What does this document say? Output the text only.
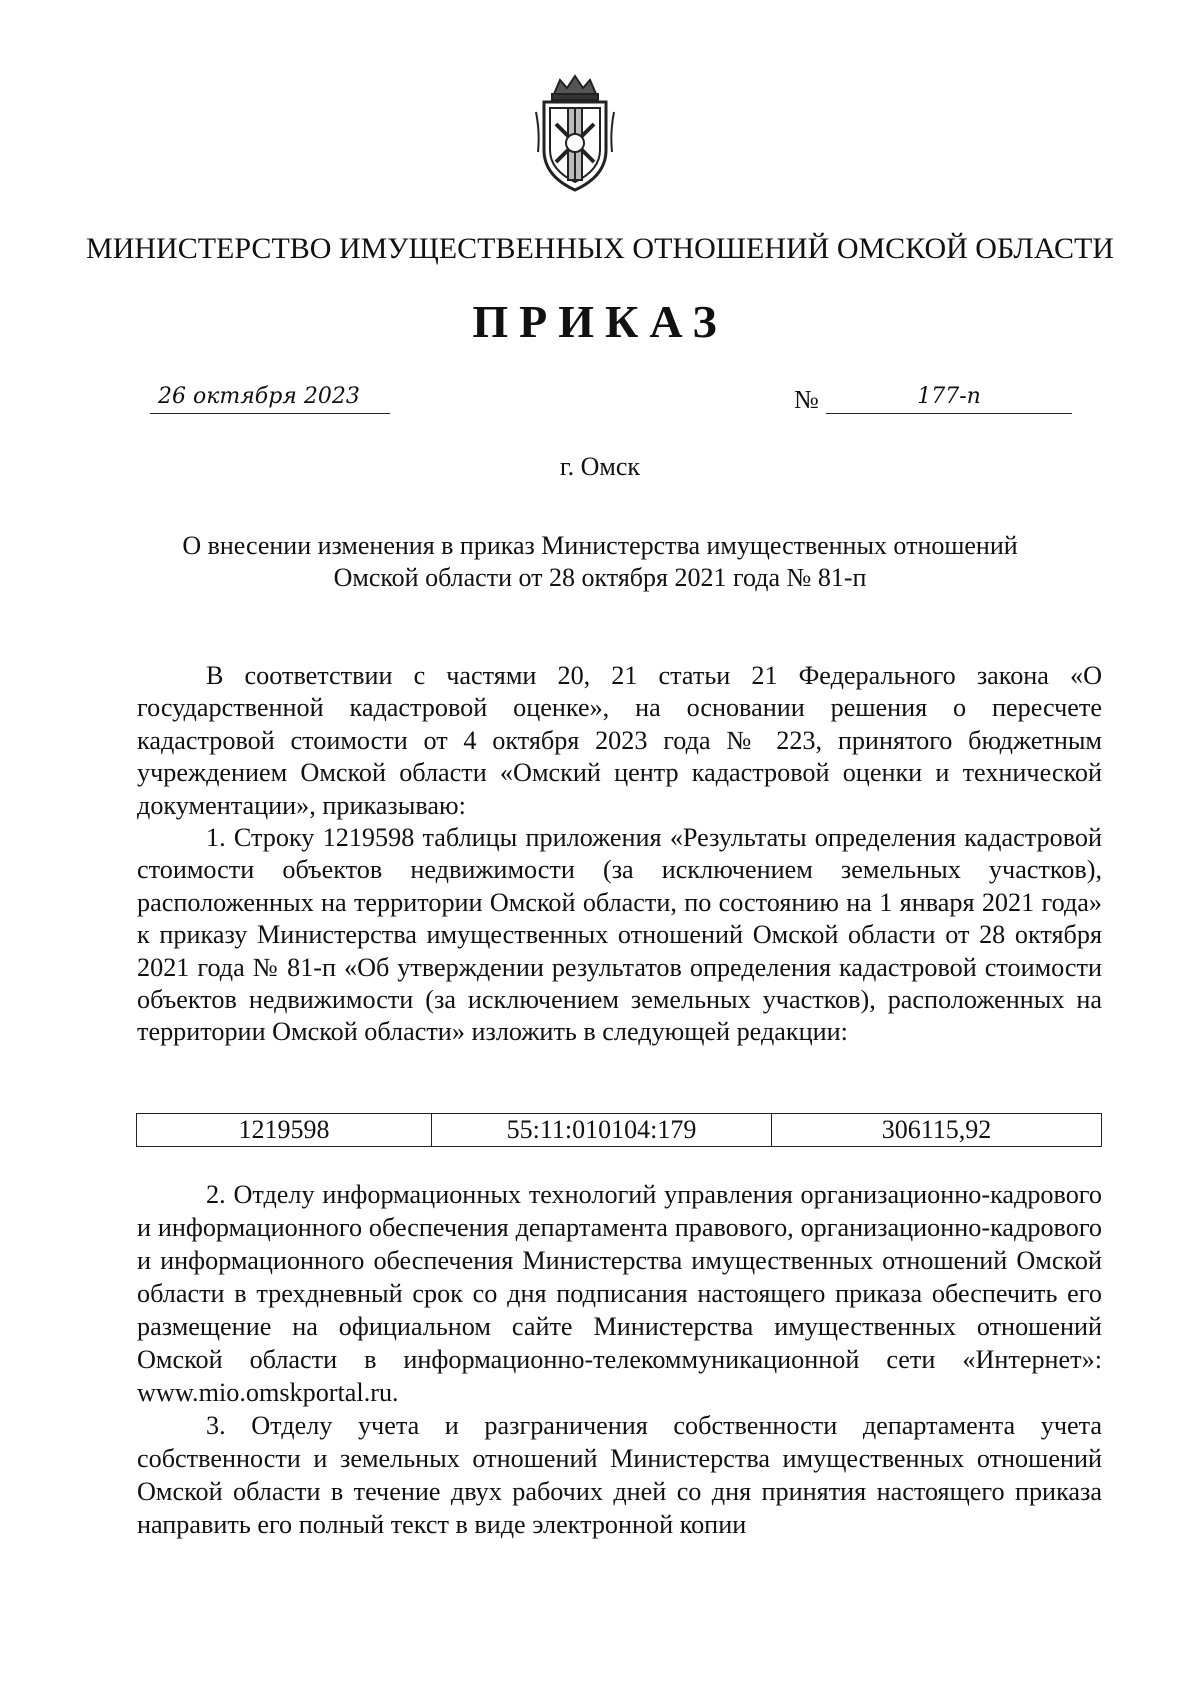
МИНИСТЕРСТВО ИМУЩЕСТВЕННЫХ ОТНОШЕНИЙ ОМСКОЙ ОБЛАСТИ
ПРИКАЗ
26 октября 2023	№	177-п
г. Омск
О внесении изменения в приказ Министерства имущественных отношений
Омской области от 28 октября 2021 года № 81-п

В соответствии с частями 20, 21 статьи 21 Федерального закона «О государственной кадастровой оценке», на основании решения о пересчете кадастровой стоимости от 4 октября 2023 года № 223, принятого бюджетным учреждением Омской области «Омский центр кадастровой оценки и технической документации», приказываю:

1. Строку 1219598 таблицы приложения «Результаты определения кадастровой стоимости объектов недвижимости (за исключением земельных участков), расположенных на территории Омской области, по состоянию на 1 января 2021 года» к приказу Министерства имущественных отношений Омской области от 28 октября 2021 года № 81-п «Об утверждении результатов определения кадастровой стоимости объектов недвижимости (за исключением земельных участков), расположенных на территории Омской области» изложить в следующей редакции:

1219598	55:11:010104:179	306115,92

2. Отделу информационных технологий управления организационно-кадрового и информационного обеспечения департамента правового, организационно-кадрового и информационного обеспечения Министерства имущественных отношений Омской области в трехдневный срок со дня подписания настоящего приказа обеспечить его размещение на официальном сайте Министерства имущественных отношений Омской области в информационно-телекоммуникационной сети «Интернет»: www.mio.omskportal.ru.

3. Отделу учета и разграничения собственности департамента учета собственности и земельных отношений Министерства имущественных отношений Омской области в течение двух рабочих дней со дня принятия настоящего приказа направить его полный текст в виде электронной копии
